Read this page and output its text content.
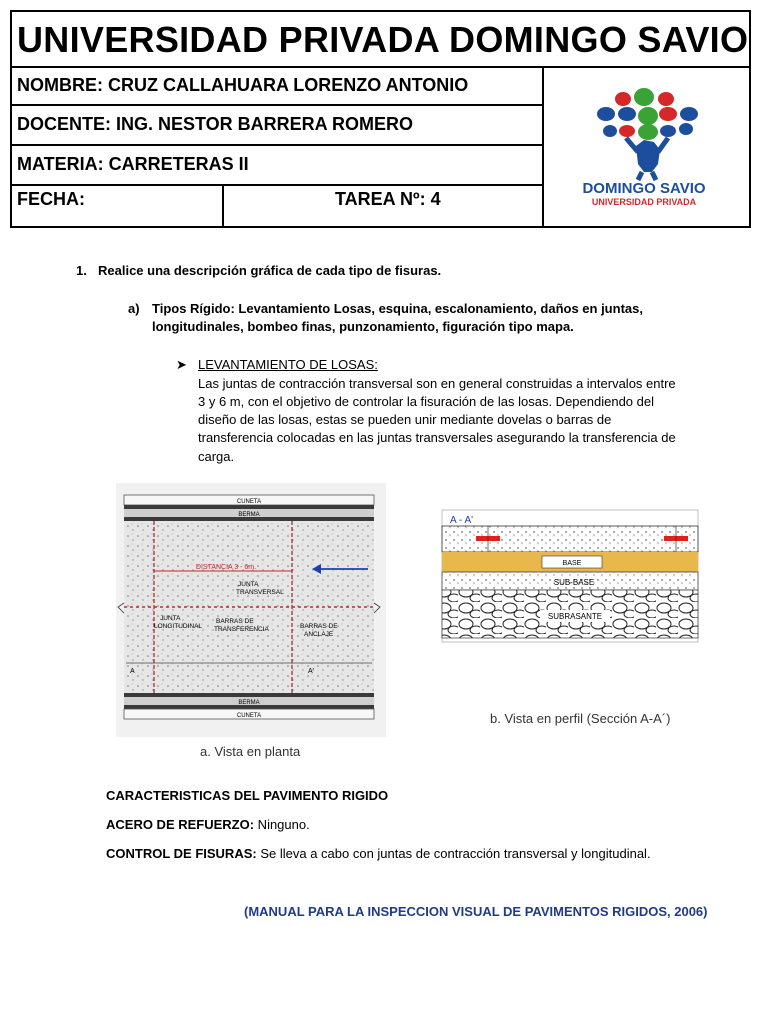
UNIVERSIDAD PRIVADA DOMINGO SAVIO
NOMBRE: CRUZ CALLAHUARA LORENZO ANTONIO
DOCENTE: ING. NESTOR BARRERA ROMERO
MATERIA: CARRETERAS II
FECHA:	TAREA Nº: 4
DOMINGO SAVIO
UNIVERSIDAD PRIVADA
1. Realice una descripción gráfica de cada tipo de fisuras.
a) Tipos Rígido: Levantamiento Losas, esquina, escalonamiento, daños en juntas,
longitudinales, bombeo finas, punzonamiento, figuración tipo mapa.
➤ LEVANTAMIENTO DE LOSAS:
Las juntas de contracción transversal son en general construidas a intervalos entre
3 y 6 m, con el objetivo de controlar la fisuración de las losas. Dependiendo del
diseño de las losas, estas se pueden unir mediante dovelas o barras de
transferencia colocadas en las juntas transversales asegurando la transferencia de
carga.
CUNETA
BERMA
BERMA
CUNETA
DISTANCIA 3 - 6m.
JUNTA
TRANSVERSAL
JUNTA
LONGITUDINAL
BARRAS DE
TRANSFERENCIA	BARRAS DE
ANCLAJE
A	A'
a. Vista en planta
A - A'
BASE
SUB-BASE
SUBRASANTE
b. Vista en perfil (Sección A-A´)
CARACTERISTICAS DEL PAVIMENTO RIGIDO
ACERO DE REFUERZO: Ninguno.
CONTROL DE FISURAS: Se lleva a cabo con juntas de contracción transversal y longitudinal.
(MANUAL PARA LA INSPECCION VISUAL DE PAVIMENTOS RIGIDOS, 2006)
